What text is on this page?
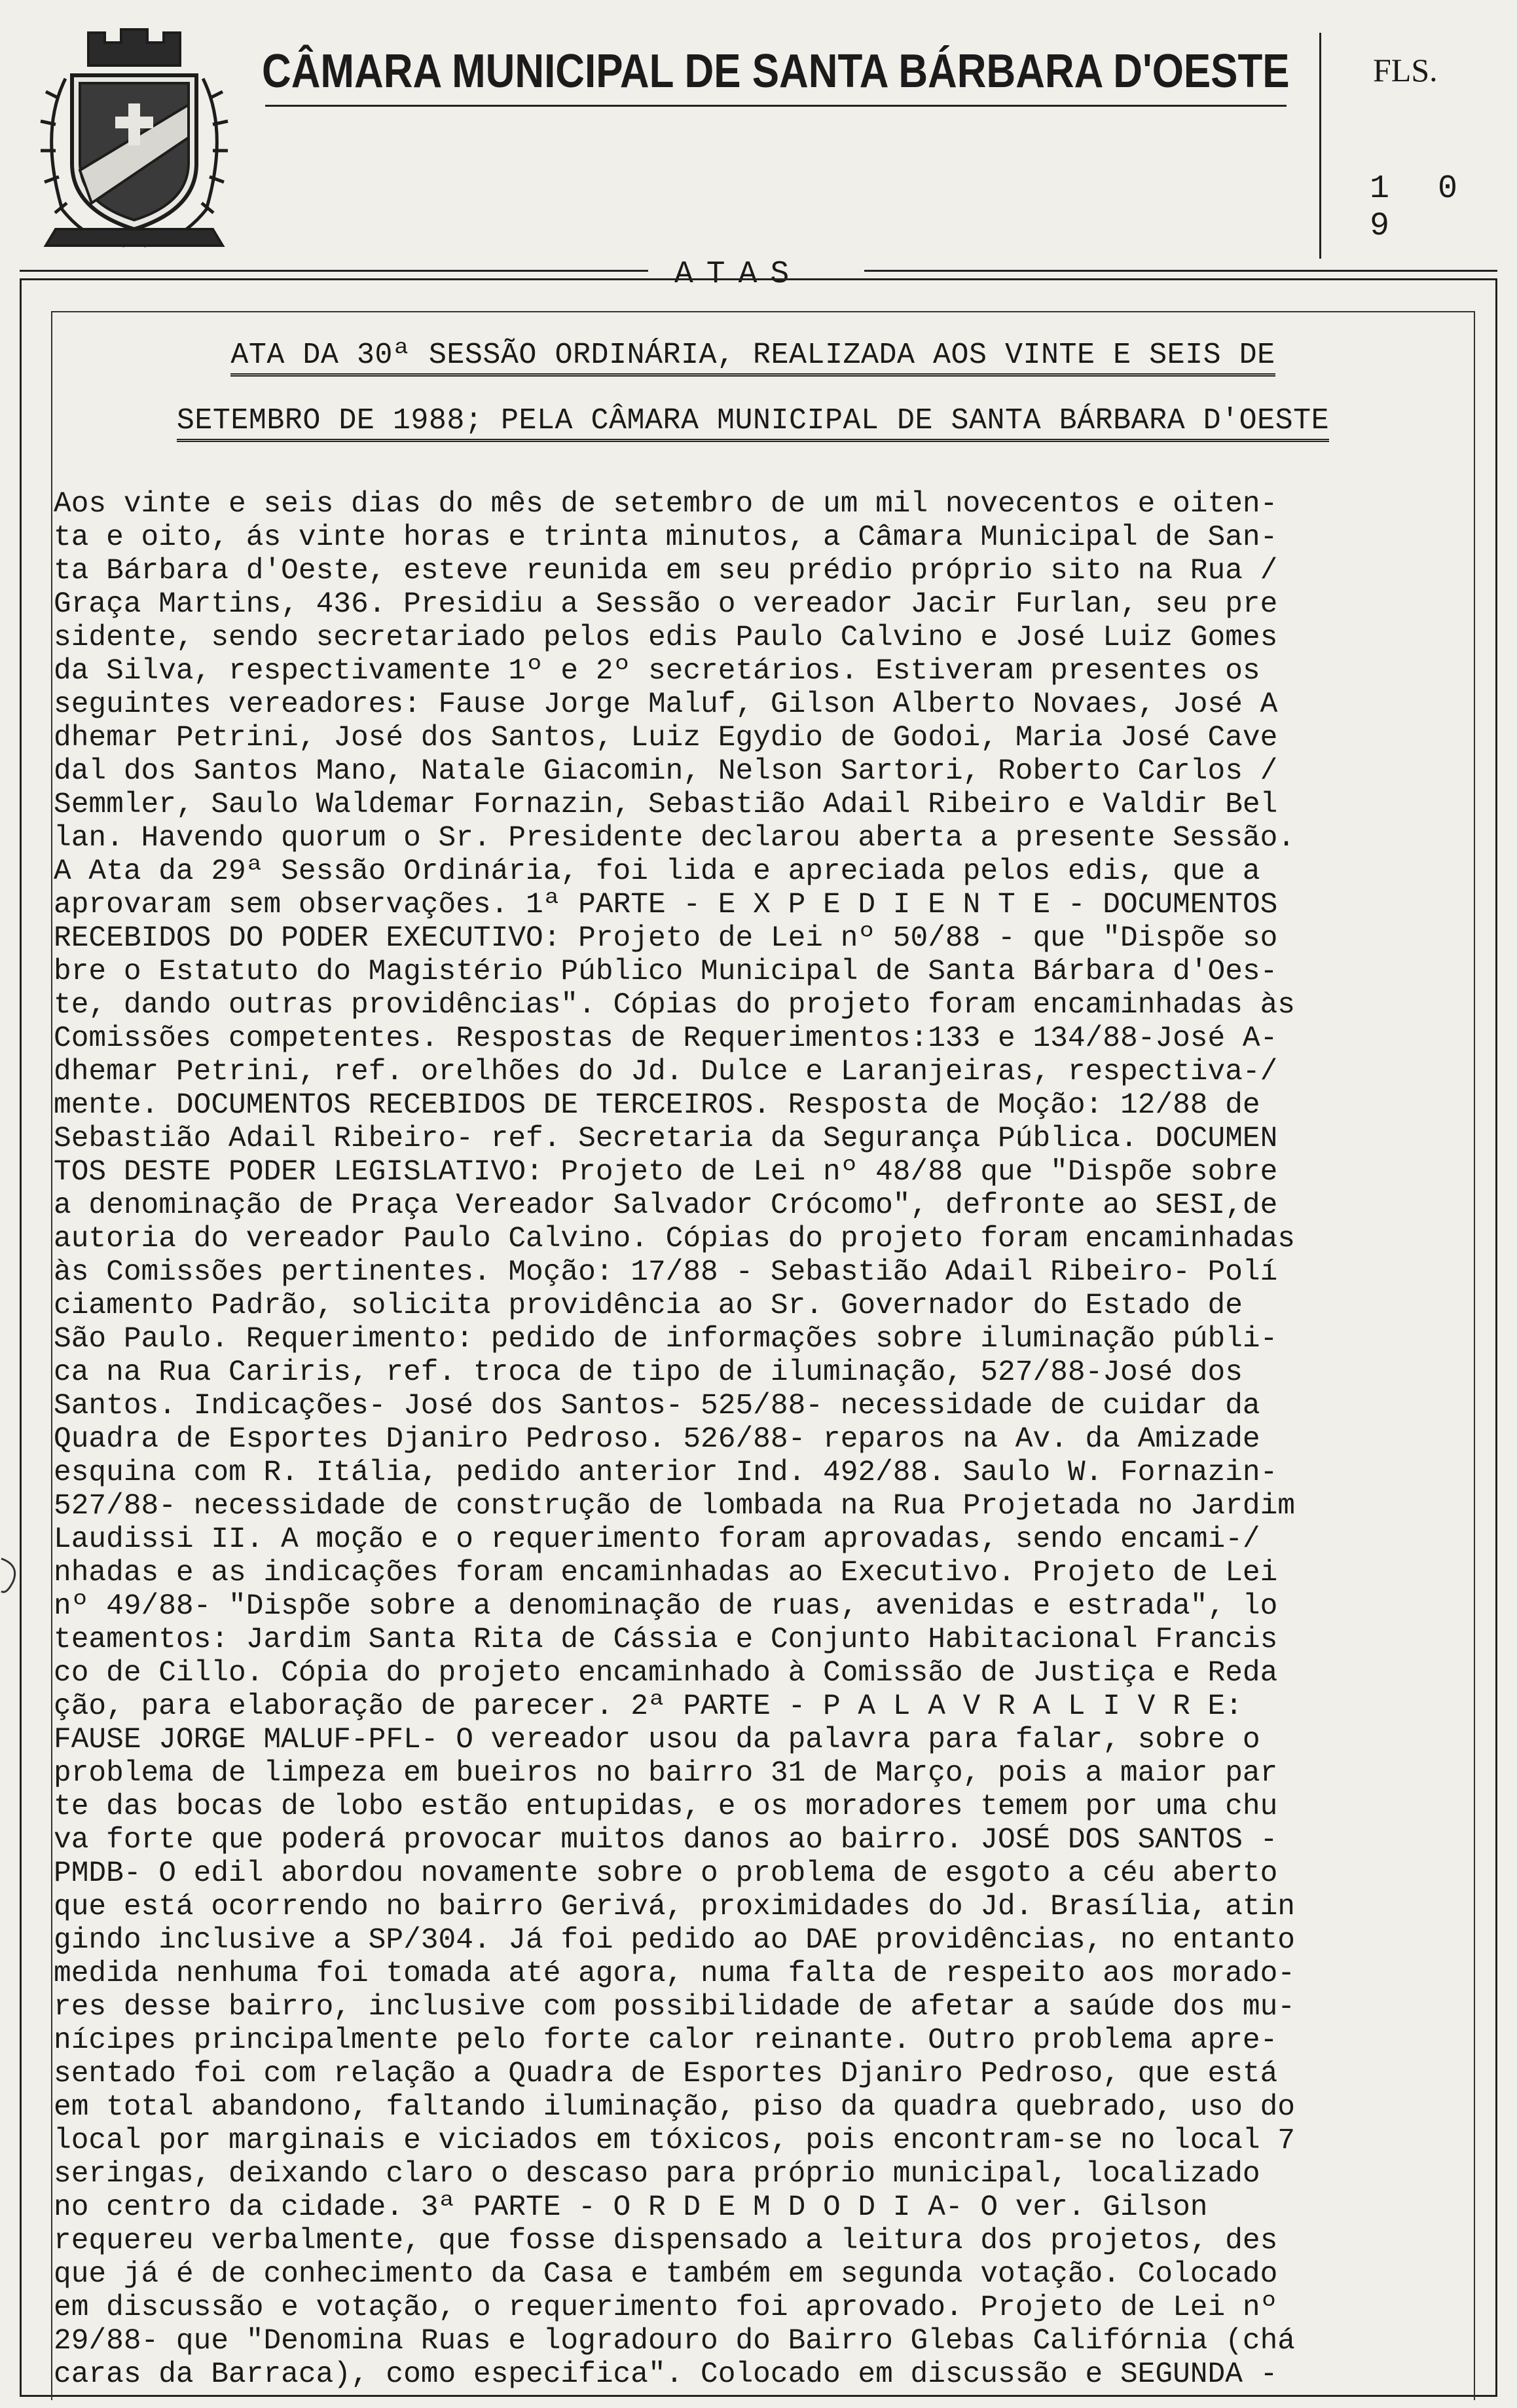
CÂMARA MUNICIPAL DE SANTA BÁRBARA D'OESTE	FLS.
1 0 9
ATAS
ATA DA 30ª SESSÃO ORDINÁRIA, REALIZADA AOS VINTE E SEIS DE
SETEMBRO DE 1988; PELA CÂMARA MUNICIPAL DE SANTA BÁRBARA D'OESTE
Aos vinte e seis dias do mês de setembro de um mil novecentos e oiten-
ta e oito, ás vinte horas e trinta minutos, a Câmara Municipal de San-
ta Bárbara d'Oeste, esteve reunida em seu prédio próprio sito na Rua /
Graça Martins, 436. Presidiu a Sessão o vereador Jacir Furlan, seu pre
sidente, sendo secretariado pelos edis Paulo Calvino e José Luiz Gomes
da Silva, respectivamente 1º e 2º secretários. Estiveram presentes os
seguintes vereadores: Fause Jorge Maluf, Gilson Alberto Novaes, José A
dhemar Petrini, José dos Santos, Luiz Egydio de Godoi, Maria José Cave
dal dos Santos Mano, Natale Giacomin, Nelson Sartori, Roberto Carlos /
Semmler, Saulo Waldemar Fornazin, Sebastião Adail Ribeiro e Valdir Bel
lan. Havendo quorum o Sr. Presidente declarou aberta a presente Sessão.
A Ata da 29ª Sessão Ordinária, foi lida e apreciada pelos edis, que a
aprovaram sem observações. 1ª PARTE - E X P E D I E N T E - DOCUMENTOS
RECEBIDOS DO PODER EXECUTIVO: Projeto de Lei nº 50/88 - que "Dispõe so
bre o Estatuto do Magistério Público Municipal de Santa Bárbara d'Oes-
te, dando outras providências". Cópias do projeto foram encaminhadas às
Comissões competentes. Respostas de Requerimentos:133 e 134/88-José A-
dhemar Petrini, ref. orelhões do Jd. Dulce e Laranjeiras, respectiva-/
mente. DOCUMENTOS RECEBIDOS DE TERCEIROS. Resposta de Moção: 12/88 de
Sebastião Adail Ribeiro- ref. Secretaria da Segurança Pública. DOCUMEN
TOS DESTE PODER LEGISLATIVO: Projeto de Lei nº 48/88 que "Dispõe sobre
a denominação de Praça Vereador Salvador Crócomo", defronte ao SESI,de
autoria do vereador Paulo Calvino. Cópias do projeto foram encaminhadas
às Comissões pertinentes. Moção: 17/88 - Sebastião Adail Ribeiro- Polí
ciamento Padrão, solicita providência ao Sr. Governador do Estado de
São Paulo. Requerimento: pedido de informações sobre iluminação públi-
ca na Rua Cariris, ref. troca de tipo de iluminação, 527/88-José dos
Santos. Indicações- José dos Santos- 525/88- necessidade de cuidar da
Quadra de Esportes Djaniro Pedroso. 526/88- reparos na Av. da Amizade
esquina com R. Itália, pedido anterior Ind. 492/88. Saulo W. Fornazin-
527/88- necessidade de construção de lombada na Rua Projetada no Jardim
Laudissi II. A moção e o requerimento foram aprovadas, sendo encami-/
nhadas e as indicações foram encaminhadas ao Executivo. Projeto de Lei
nº 49/88- "Dispõe sobre a denominação de ruas, avenidas e estrada", lo
teamentos: Jardim Santa Rita de Cássia e Conjunto Habitacional Francis
co de Cillo. Cópia do projeto encaminhado à Comissão de Justiça e Reda
ção, para elaboração de parecer. 2ª PARTE - P A L A V R A L I V R E:
FAUSE JORGE MALUF-PFL- O vereador usou da palavra para falar, sobre o
problema de limpeza em bueiros no bairro 31 de Março, pois a maior par
te das bocas de lobo estão entupidas, e os moradores temem por uma chu
va forte que poderá provocar muitos danos ao bairro. JOSÉ DOS SANTOS -
PMDB- O edil abordou novamente sobre o problema de esgoto a céu aberto
que está ocorrendo no bairro Gerivá, proximidades do Jd. Brasília, atin
gindo inclusive a SP/304. Já foi pedido ao DAE providências, no entanto
medida nenhuma foi tomada até agora, numa falta de respeito aos morado-
res desse bairro, inclusive com possibilidade de afetar a saúde dos mu-
nícipes principalmente pelo forte calor reinante. Outro problema apre-
sentado foi com relação a Quadra de Esportes Djaniro Pedroso, que está
em total abandono, faltando iluminação, piso da quadra quebrado, uso do
local por marginais e viciados em tóxicos, pois encontram-se no local 7
seringas, deixando claro o descaso para próprio municipal, localizado
no centro da cidade. 3ª PARTE - O R D E M D O D I A- O ver. Gilson
requereu verbalmente, que fosse dispensado a leitura dos projetos, des
que já é de conhecimento da Casa e também em segunda votação. Colocado
em discussão e votação, o requerimento foi aprovado. Projeto de Lei nº
29/88- que "Denomina Ruas e logradouro do Bairro Glebas Califórnia (chá
caras da Barraca), como especifica". Colocado em discussão e SEGUNDA -
